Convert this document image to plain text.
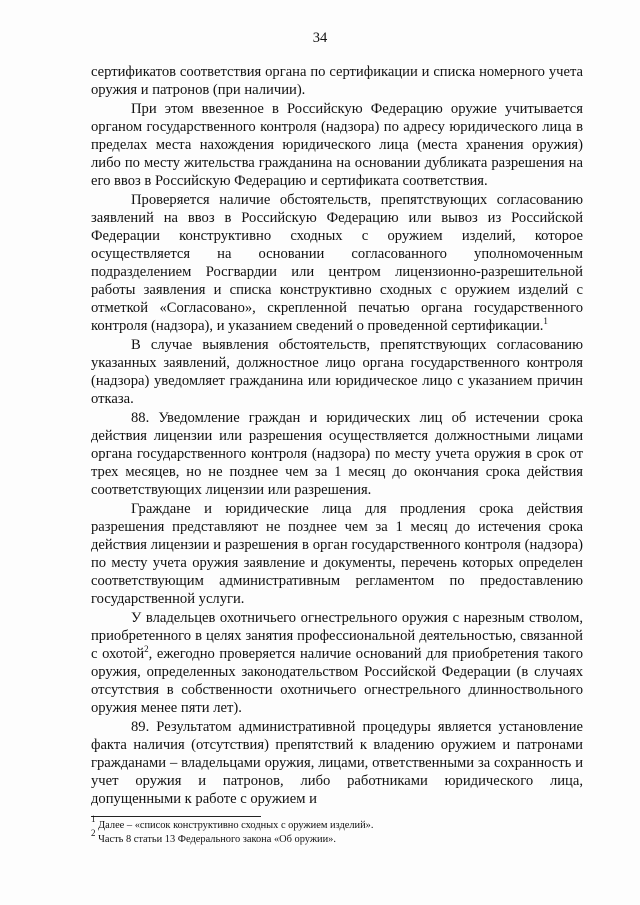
34

сертификатов соответствия органа по сертификации и списка номерного учета оружия и патронов (при наличии).

При этом ввезенное в Российскую Федерацию оружие учитывается органом государственного контроля (надзора) по адресу юридического лица в пределах места нахождения юридического лица (места хранения оружия) либо по месту жительства гражданина на основании дубликата разрешения на его ввоз в Российскую Федерацию и сертификата соответствия.

Проверяется наличие обстоятельств, препятствующих согласованию заявлений на ввоз в Российскую Федерацию или вывоз из Российской Федерации конструктивно сходных с оружием изделий, которое осуществляется на основании согласованного уполномоченным подразделением Росгвардии или центром лицензионно-разрешительной работы заявления и списка конструктивно сходных с оружием изделий с отметкой «Согласовано», скрепленной печатью органа государственного контроля (надзора), и указанием сведений о проведенной сертификации.$^1$

В случае выявления обстоятельств, препятствующих согласованию указанных заявлений, должностное лицо органа государственного контроля (надзора) уведомляет гражданина или юридическое лицо с указанием причин отказа.

88. Уведомление граждан и юридических лиц об истечении срока действия лицензии или разрешения осуществляется должностными лицами органа государственного контроля (надзора) по месту учета оружия в срок от трех месяцев, но не позднее чем за 1 месяц до окончания срока действия соответствующих лицензии или разрешения.

Граждане и юридические лица для продления срока действия разрешения представляют не позднее чем за 1 месяц до истечения срока действия лицензии и разрешения в орган государственного контроля (надзора) по месту учета оружия заявление и документы, перечень которых определен соответствующим административным регламентом по предоставлению государственной услуги.

У владельцев охотничьего огнестрельного оружия с нарезным стволом, приобретенного в целях занятия профессиональной деятельностью, связанной с охотой$^2$, ежегодно проверяется наличие оснований для приобретения такого оружия, определенных законодательством Российской Федерации (в случаях отсутствия в собственности охотничьего огнестрельного длинноствольного оружия менее пяти лет).

89. Результатом административной процедуры является установление факта наличия (отсутствия) препятствий к владению оружием и патронами гражданами – владельцами оружия, лицами, ответственными за сохранность и учет оружия и патронов, либо работниками юридического лица, допущенными к работе с оружием и

$^1$ Далее – «список конструктивно сходных с оружием изделий».
$^2$ Часть 8 статьи 13 Федерального закона «Об оружии».
